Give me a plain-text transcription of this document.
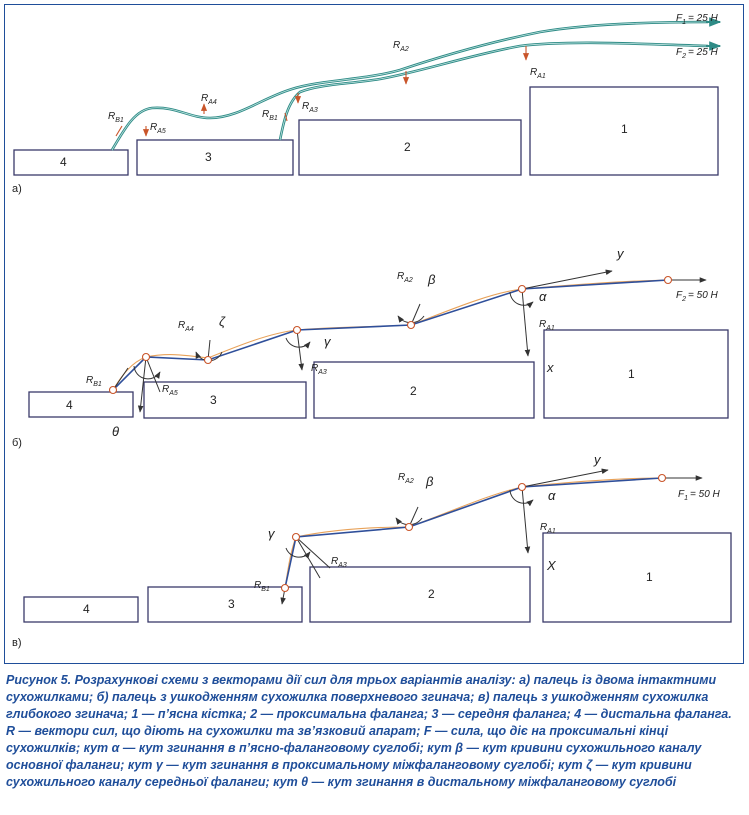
4	3
2
1
$F_1 = 25$ Н
$F_2 = 25$ Н
$R_{A1}$
$R_{A2}$
$R_{A3}$
$R_{A4}$
$R_{A5}$
$R_{B1}$
$R_{B1}$
а)
4	3
2
1
$F_2 = 50$ Н
y
x
α
β
γ
ζ
θ
$R_{A1}$
$R_{A2}$
$R_{A3}$
$R_{A4}$
$R_{A5}$
$R_{B1}$
б)
4	3
2
1
$F_1 = 50$ Н
y
X
α
β
γ	$R_{A1}$
$R_{A2}$
$R_{A3}$
$R_{B1}$
в)

Рисунок 5. Розрахункові схеми з векторами дії сил для трьох варіантів аналізу: а) палець із двома інтактними сухожилками; б) палець з ушкодженням сухожилка поверхневого згинача; в) палець з ушкодженням сухожилка глибокого згинача; 1 — п’ясна кістка; 2 — проксимальна фаланга; 3 — середня фаланга; 4 — дистальна фаланга. R — вектори сил, що діють на сухожилки та зв’язковий апарат; F — сила, що діє на проксимальні кінці сухожилків; кут α — кут згинання в п’ясно-фаланговому суглобі; кут β — кут кривини сухожильного каналу основної фаланги; кут γ — кут згинання в проксимальному міжфаланговому суглобі; кут ζ — кут кривини сухожильного каналу середньої фаланги; кут θ — кут згинання в дистальному міжфаланговому суглобі
